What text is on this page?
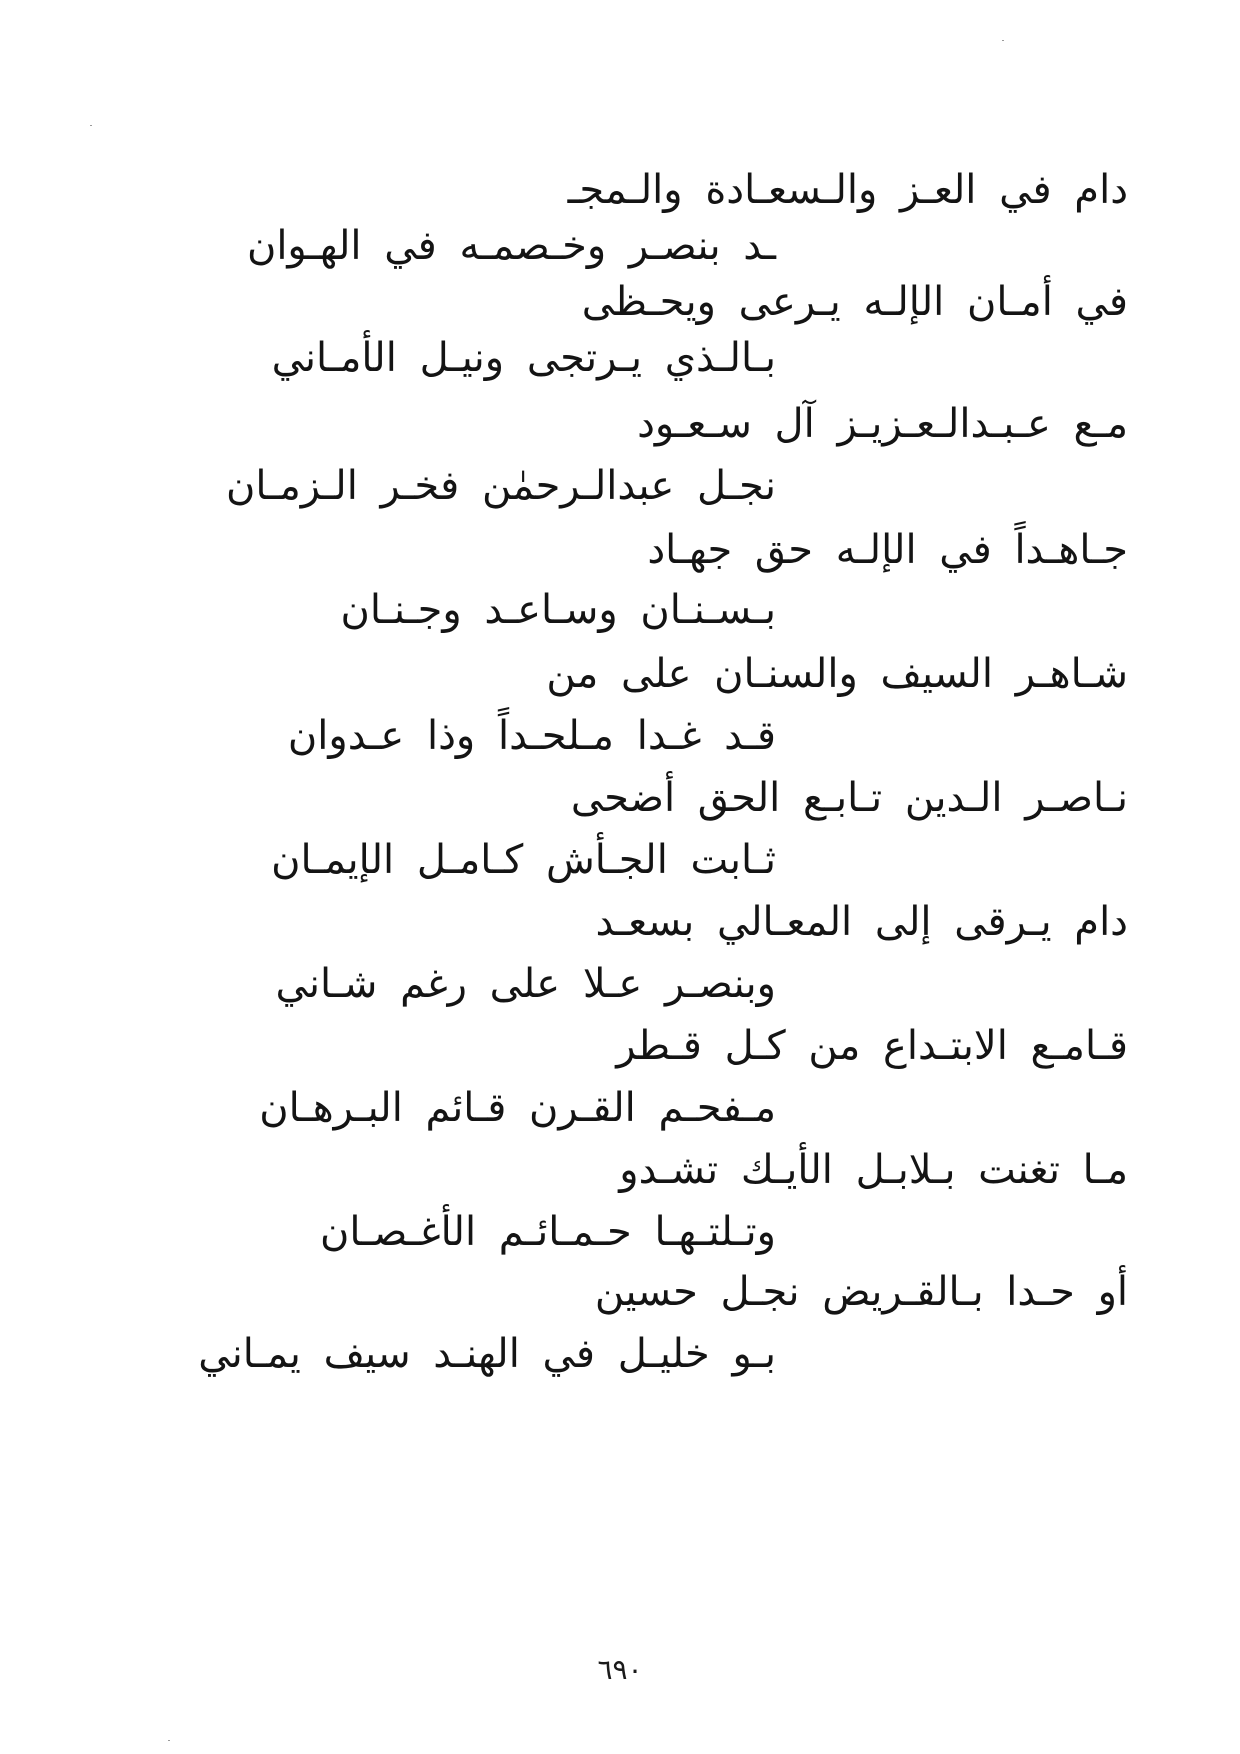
دام في العـز والـسعـادة والـمجـ
ـد بنصـر وخـصمـه في الهـوان
في أمـان الإلـه يـرعى ويحـظى
بـالـذي يـرتجى ونيـل الأمـاني
مـع عـبـدالـعـزيـز آل سـعـود
نجـل عبدالـرحمٰن فخـر الـزمـان
جـاهـداً في الإلـه حق جهـاد
بـسـنـان وسـاعـد وجـنـان
شـاهـر السيف والسنـان على من
قـد غـدا مـلحـداً وذا عـدوان
نـاصـر الـدين تـابـع الحق أضحى
ثـابت الجـأش كـامـل الإيمـان
دام يـرقى إلى المعـالي بسعـد
وبنصـر عـلا على رغم شـاني
قـامـع الابتـداع من كـل قـطر
مـفحـم القـرن قـائم البـرهـان
مـا تغنت بـلابـل الأيـك تشـدو
وتـلتـهـا حـمـائـم الأغـصـان
أو حـدا بـالقـريض نجـل حسين
بـو خليـل في الهنـد سيف يمـاني
٦٩٠
